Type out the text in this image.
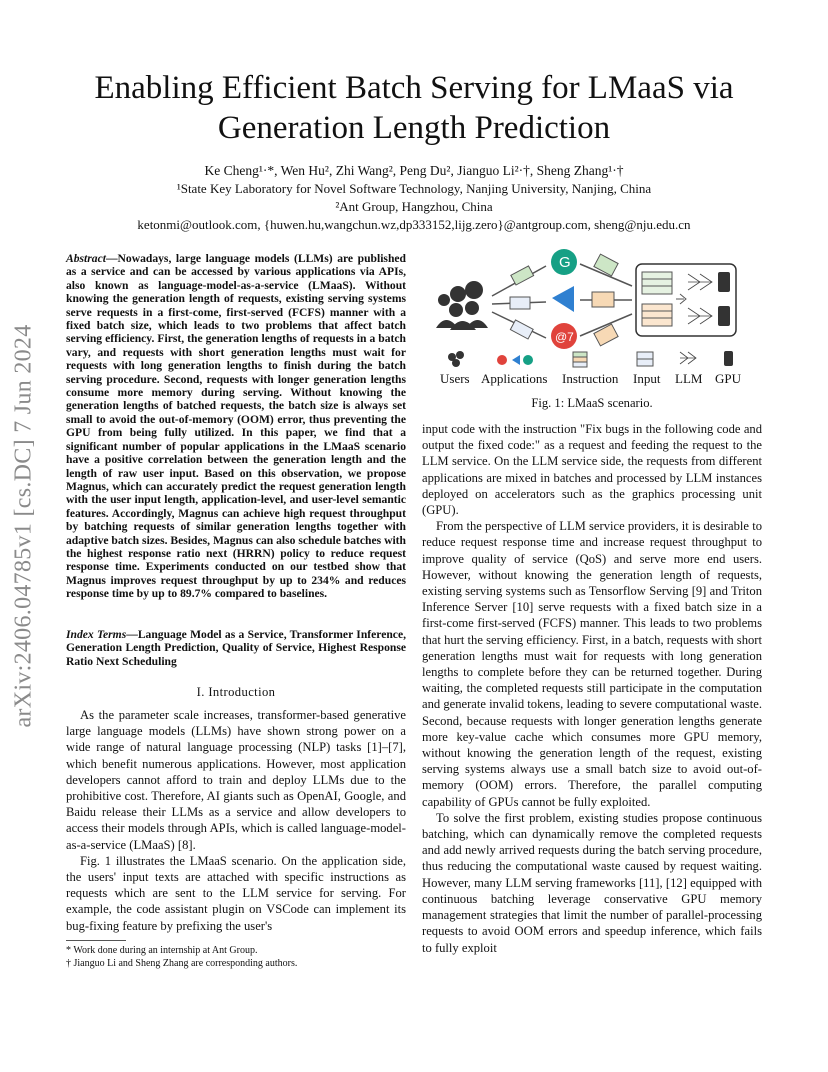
arXiv:2406.04785v1 [cs.DC] 7 Jun 2024
Enabling Efficient Batch Serving for LMaaS via
Generation Length Prediction
Ke Cheng¹·*, Wen Hu², Zhi Wang², Peng Du², Jianguo Li²·†, Sheng Zhang¹·†
¹State Key Laboratory for Novel Software Technology, Nanjing University, Nanjing, China
²Ant Group, Hangzhou, China
ketonmi@outlook.com, {huwen.hu,wangchun.wz,dp333152,lijg.zero}@antgroup.com, sheng@nju.edu.cn
Abstract—Nowadays, large language models (LLMs) are published as a service and can be accessed by various applications via APIs, also known as language-model-as-a-service (LMaaS). Without knowing the generation length of requests, existing serving systems serve requests in a first-come, first-served (FCFS) manner with a fixed batch size, which leads to two problems that affect batch serving efficiency. First, the generation lengths of requests in a batch vary, and requests with short generation lengths must wait for requests with long generation lengths to finish during the batch serving procedure. Second, requests with longer generation lengths consume more memory during serving. Without knowing the generation lengths of batched requests, the batch size is always set small to avoid the out-of-memory (OOM) error, thus preventing the GPU from being fully utilized. In this paper, we find that a significant number of popular applications in the LMaaS scenario have a positive correlation between the generation length and the length of raw user input. Based on this observation, we propose Magnus, which can accurately predict the request generation length with the user input length, application-level, and user-level semantic features. Accordingly, Magnus can achieve high request throughput by batching requests of similar generation lengths together with adaptive batch sizes. Besides, Magnus can also schedule batches with the highest response ratio next (HRRN) policy to reduce request response time. Experiments conducted on our testbed show that Magnus improves request throughput by up to 234% and reduces response time by up to 89.7% compared to baselines.
Index Terms—Language Model as a Service, Transformer Inference, Generation Length Prediction, Quality of Service, Highest Response Ratio Next Scheduling
I. Introduction

As the parameter scale increases, transformer-based generative large language models (LLMs) have shown strong power on a wide range of natural language processing (NLP) tasks [1]–[7], which benefit numerous applications. However, most application developers cannot afford to train and deploy LLMs due to the prohibitive cost. Therefore, AI giants such as OpenAI, Google, and Baidu release their LLMs as a service and allow developers to access their models through APIs, which is called language-model-as-a-service (LMaaS) [8].

Fig. 1 illustrates the LMaaS scenario. On the application side, the users' input texts are attached with specific instructions as requests which are sent to the LLM service for serving. For example, the code assistant plugin on VSCode can implement its bug-fixing feature by prefixing the user's

* Work done during an internship at Ant Group.
† Jianguo Li and Sheng Zhang are corresponding authors.
G
@7
Users Applications Instruction Input LLM GPU
Fig. 1: LMaaS scenario.

input code with the instruction "Fix bugs in the following code and output the fixed code:" as a request and feeding the request to the LLM service. On the LLM service side, the requests from different applications are mixed in batches and processed by LLM instances deployed on accelerators such as the graphics processing unit (GPU).

From the perspective of LLM service providers, it is desirable to reduce request response time and increase request throughput to improve quality of service (QoS) and serve more end users. However, without knowing the generation length of requests, existing serving systems such as Tensorflow Serving [9] and Triton Inference Server [10] serve requests with a fixed batch size in a first-come first-served (FCFS) manner. This leads to two problems that hurt the serving efficiency. First, in a batch, requests with short generation lengths must wait for requests with long generation lengths to complete before they can be returned together. During waiting, the completed requests still participate in the computation and generate invalid tokens, leading to severe computational waste. Second, because requests with longer generation lengths generate more key-value cache which consumes more GPU memory, without knowing the generation length of the request, existing serving systems always use a small batch size to avoid out-of-memory (OOM) errors. Therefore, the parallel computing capability of GPUs cannot be fully exploited.

To solve the first problem, existing studies propose continuous batching, which can dynamically remove the completed requests and add newly arrived requests during the batch serving procedure, thus reducing the computational waste caused by request waiting. However, many LLM serving frameworks [11], [12] equipped with continuous batching leverage conservative GPU memory management strategies that limit the number of parallel-processing requests to avoid OOM errors and speedup inference, which fails to fully exploit
